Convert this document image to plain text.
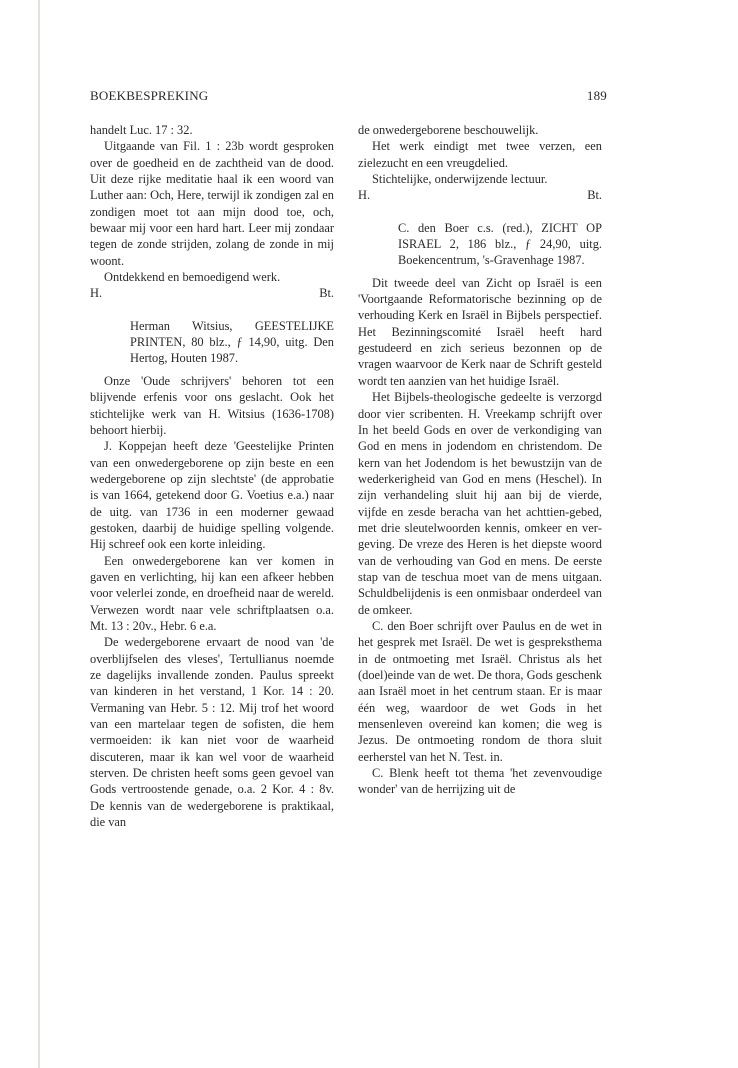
BOEKBESPREKING	189

handelt Luc. 17 : 32.

Uitgaande van Fil. 1 : 23b wordt gesproken over de goedheid en de zachtheid van de dood. Uit deze rijke meditatie haal ik een woord van Luther aan: Och, Here, terwijl ik zondigen zal en zondigen moet tot aan mijn dood toe, och, bewaar mij voor een hard hart. Leer mij zondaar tegen de zonde strijden, zolang de zonde in mij woont.

Ontdekkend en bemoedigend werk.

H.	Bt.

Herman Witsius, GEESTELIJKE PRINTEN, 80 blz., ƒ 14,90, uitg. Den Hertog, Houten 1987.

Onze 'Oude schrijvers' behoren tot een blijvende erfenis voor ons geslacht. Ook het stichtelijke werk van H. Witsius (1636-1708) behoort hierbij.

J. Koppejan heeft deze 'Geestelijke Printen van een onwedergeborene op zijn beste en een wedergeborene op zijn slechtste' (de approbatie is van 1664, getekend door G. Voetius e.a.) naar de uitg. van 1736 in een moderner gewaad gestoken, daarbij de huidige spelling volgende. Hij schreef ook een korte inleiding.

Een onwedergeborene kan ver komen in gaven en verlichting, hij kan een afkeer hebben voor velerlei zonde, en droefheid naar de wereld. Verwezen wordt naar vele schriftplaatsen o.a. Mt. 13 : 20v., Hebr. 6 e.a.

De wedergeborene ervaart de nood van 'de overblijfselen des vleses', Tertullianus noemde ze dagelijks invallende zonden. Paulus spreekt van kinderen in het verstand, 1 Kor. 14 : 20. Vermaning van Hebr. 5 : 12. Mij trof het woord van een martelaar tegen de sofisten, die hem vermoeiden: ik kan niet voor de waarheid discuteren, maar ik kan wel voor de waarheid sterven. De christen heeft soms geen gevoel van Gods vertroostende genade, o.a. 2 Kor. 4 : 8v. De kennis van de wedergeborene is praktikaal, die van

de onwedergeborene beschouwelijk.

Het werk eindigt met twee verzen, een zielezucht en een vreugdelied.

Stichtelijke, onderwijzende lectuur.

H.	Bt.

C. den Boer c.s. (red.), ZICHT OP ISRAEL 2, 186 blz., ƒ 24,90, uitg. Boekencentrum, 's-Gravenhage 1987.

Dit tweede deel van Zicht op Israël is een 'Voortgaande Reformatorische bezinning op de verhouding Kerk en Israël in Bijbels perspectief. Het Bezinningscomité Israël heeft hard gestudeerd en zich serieus bezonnen op de vragen waarvoor de Kerk naar de Schrift gesteld wordt ten aanzien van het huidige Israël.

Het Bijbels-theologische gedeelte is verzorgd door vier scribenten. H. Vreekamp schrijft over In het beeld Gods en over de verkondiging van God en mens in jodendom en christendom. De kern van het Jodendom is het bewustzijn van de wederkerigheid van God en mens (Heschel). In zijn verhandeling sluit hij aan bij de vierde, vijfde en zesde beracha van het achttien-gebed, met drie sleutelwoorden kennis, omkeer en vergeving. De vreze des Heren is het diepste woord van de verhouding van God en mens. De eerste stap van de teschua moet van de mens uitgaan. Schuldbelijdenis is een onmisbaar onderdeel van de omkeer.

C. den Boer schrijft over Paulus en de wet in het gesprek met Israël. De wet is gespreksthema in de ontmoeting met Israël. Christus als het (doel)einde van de wet. De thora, Gods geschenk aan Israël moet in het centrum staan. Er is maar één weg, waardoor de wet Gods in het mensenleven overeind kan komen; die weg is Jezus. De ontmoeting rondom de thora sluit eerherstel van het N. Test. in.

C. Blenk heeft tot thema 'het zevenvoudige wonder' van de herrijzing uit de
